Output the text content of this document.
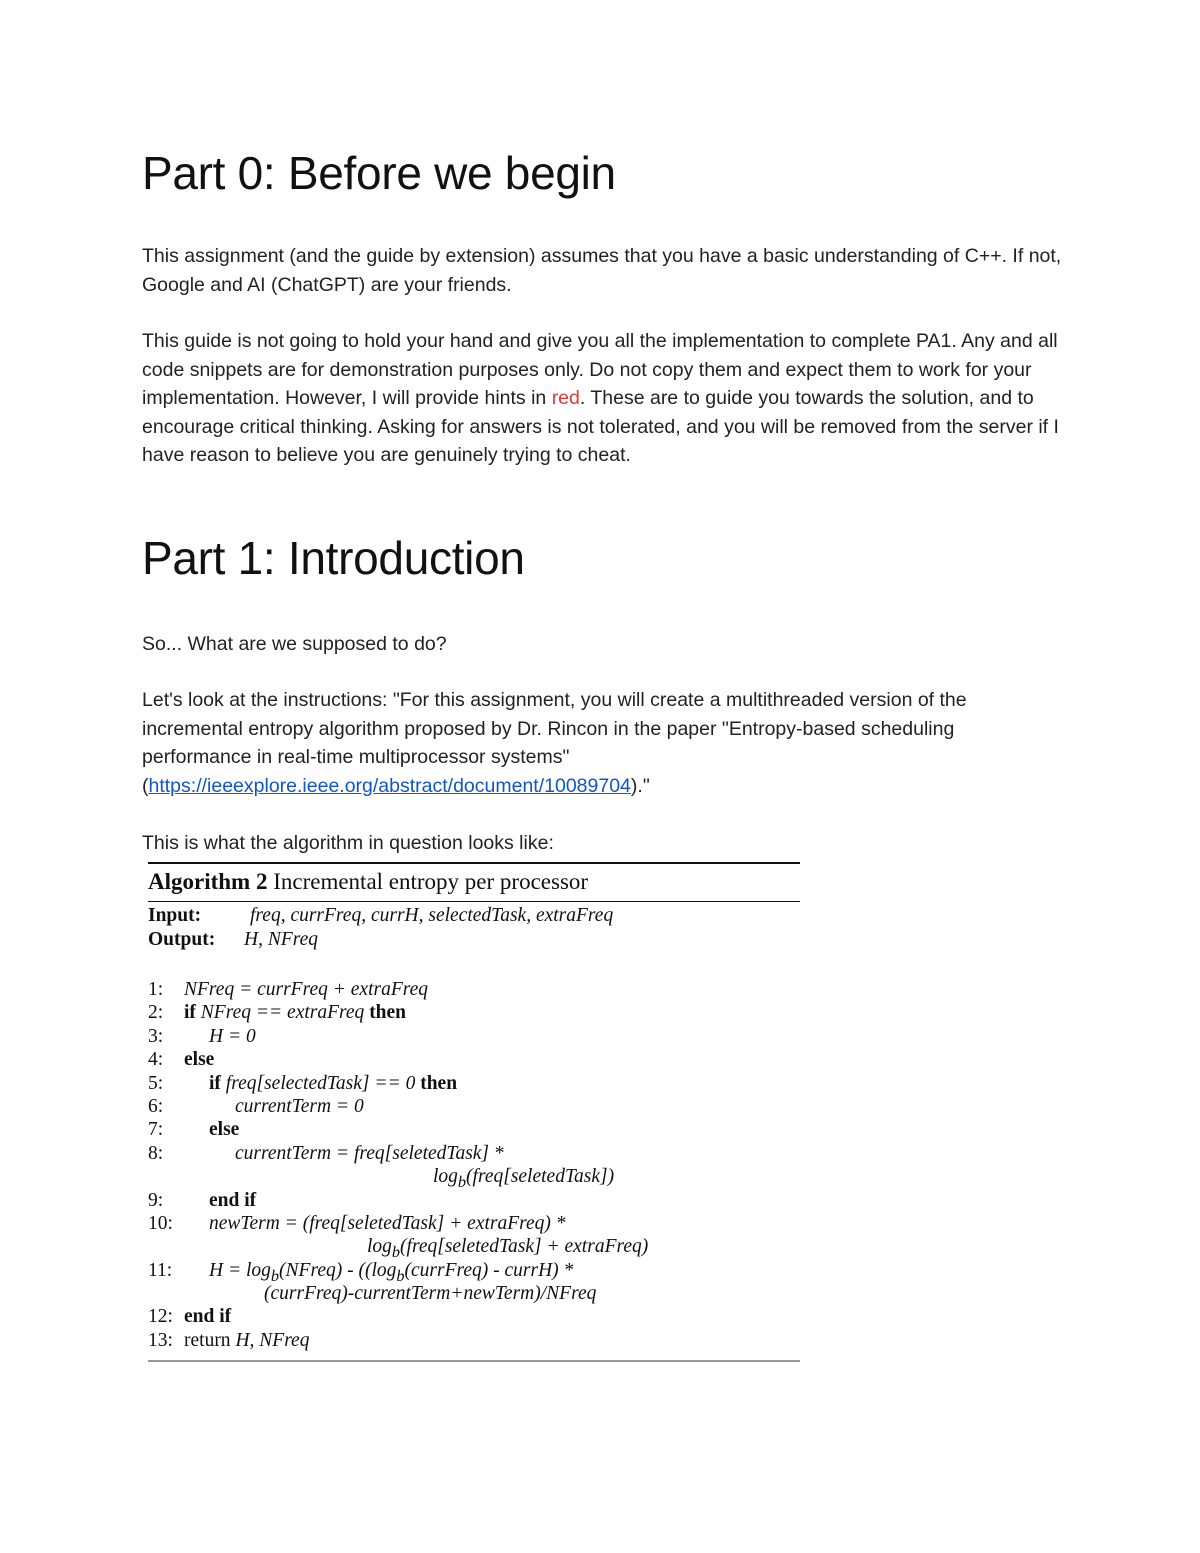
Part 0: Before we begin

This assignment (and the guide by extension) assumes that you have a basic understanding of C++. If not, Google and AI (ChatGPT) are your friends.

This guide is not going to hold your hand and give you all the implementation to complete PA1. Any and all code snippets are for demonstration purposes only. Do not copy them and expect them to work for your implementation. However, I will provide hints in red. These are to guide you towards the solution, and to encourage critical thinking. Asking for answers is not tolerated, and you will be removed from the server if I have reason to believe you are genuinely trying to cheat.

Part 1: Introduction

So... What are we supposed to do?

Let's look at the instructions: "For this assignment, you will create a multithreaded version of the incremental entropy algorithm proposed by Dr. Rincon in the paper "Entropy-based scheduling performance in real-time multiprocessor systems" (https://ieeexplore.ieee.org/abstract/document/10089704)."

This is what the algorithm in question looks like:

Algorithm 2 Incremental entropy per processor
Input:	freq, currFreq, currH, selectedTask, extraFreq
Output: H, NFreq
1: NFreq = currFreq + extraFreq
2: if NFreq == extraFreq then
3: H = 0
4: else
5: if freq[selectedTask] == 0 then
6:	currentTerm = 0
7: else
8:	currentTerm = freq[seletedTask] *
$\log_b(freq[seletedTask])$
9: end if
10: newTerm = (freq[seletedTask] + extraFreq) *
$\log_b(freq[seletedTask]$ + extraFreq)
11: $H = \log_b(NFreq)$ - (($\log_b(currFreq)$ - currH) *
(currFreq)-currentTerm+newTerm)/NFreq
12: end if
13: return H, NFreq
